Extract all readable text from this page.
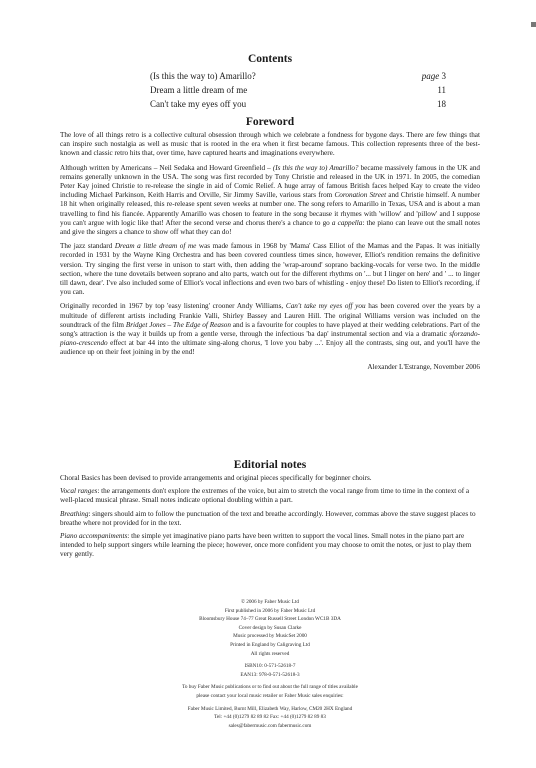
Contents
(Is this the way to) Amarillo?	page 3
Dream a little dream of me	11
Can't take my eyes off you	18
Foreword

The love of all things retro is a collective cultural obsession through which we celebrate a fondness for bygone days. There are few things that can inspire such nostalgia as well as music that is rooted in the era when it first became famous. This collection represents three of the best-known and classic retro hits that, over time, have captured hearts and imaginations everywhere.

Although written by Americans – Neil Sedaka and Howard Greenfield – (Is this the way to) Amarillo? became massively famous in the UK and remains generally unknown in the USA. The song was first recorded by Tony Christie and released in the UK in 1971. In 2005, the comedian Peter Kay joined Christie to re-release the single in aid of Comic Relief. A huge array of famous British faces helped Kay to create the video including Michael Parkinson, Keith Harris and Orville, Sir Jimmy Saville, various stars from Coronation Street and Christie himself. A number 18 hit when originally released, this re-release spent seven weeks at number one. The song refers to Amarillo in Texas, USA and is about a man travelling to find his fiancée. Apparently Amarillo was chosen to feature in the song because it rhymes with 'willow' and 'pillow' and I suppose you can't argue with logic like that! After the second verse and chorus there's a chance to go a cappella: the piano can leave out the small notes and give the singers a chance to show off what they can do!

The jazz standard Dream a little dream of me was made famous in 1968 by 'Mama' Cass Elliot of the Mamas and the Papas. It was initially recorded in 1931 by the Wayne King Orchestra and has been covered countless times since, however, Elliot's rendition remains the definitive version. Try singing the first verse in unison to start with, then adding the 'wrap-around' soprano backing-vocals for verse two. In the middle section, where the tune dovetails between soprano and alto parts, watch out for the different rhythms on '... but I linger on here' and ' ... to linger till dawn, dear'. I've also included some of Elliot's vocal inflections and even two bars of whistling - enjoy these! Do listen to Elliot's recording, if you can.

Originally recorded in 1967 by top 'easy listening' crooner Andy Williams, Can't take my eyes off you has been covered over the years by a multitude of different artists including Frankie Valli, Shirley Bassey and Lauren Hill. The original Williams version was included on the soundtrack of the film Bridget Jones – The Edge of Reason and is a favourite for couples to have played at their wedding celebrations. Part of the song's attraction is the way it builds up from a gentle verse, through the infectious 'ba dap' instrumental section and via a dramatic sforzando-piano-crescendo effect at bar 44 into the ultimate sing-along chorus, 'I love you baby ...'. Enjoy all the contrasts, sing out, and you'll have the audience up on their feet joining in by the end!

Alexander L'Estrange, November 2006
Editorial notes

Choral Basics has been devised to provide arrangements and original pieces specifically for beginner choirs.

Vocal ranges: the arrangements don't explore the extremes of the voice, but aim to stretch the vocal range from time to time in the context of a well-placed musical phrase. Small notes indicate optional doubling within a part.

Breathing: singers should aim to follow the punctuation of the text and breathe accordingly. However, commas above the stave suggest places to breathe where not provided for in the text.

Piano accompaniments: the simple yet imaginative piano parts have been written to support the vocal lines. Small notes in the piano part are intended to help support singers while learning the piece; however, once more confident you may choose to omit the notes, or just to play them very gently.

© 2006 by Faber Music Ltd
First published in 2006 by Faber Music Ltd
Bloomsbury House 74–77 Great Russell Street London WC1B 3DA
Cover design by Susan Clarke
Music processed by MusicSet 2000
Printed in England by Caligraving Ltd
All rights reserved
ISBN10: 0-571-52618-7
EAN13: 978-0-571-52618-3
To buy Faber Music publications or to find out about the full range of titles available
please contact your local music retailer or Faber Music sales enquiries:
Faber Music Limited, Burnt Mill, Elizabeth Way, Harlow, CM20 2HX England
Tel: +44 (0)1279 82 89 82 Fax: +44 (0)1279 82 89 83
sales@fabermusic.com fabermusic.com
